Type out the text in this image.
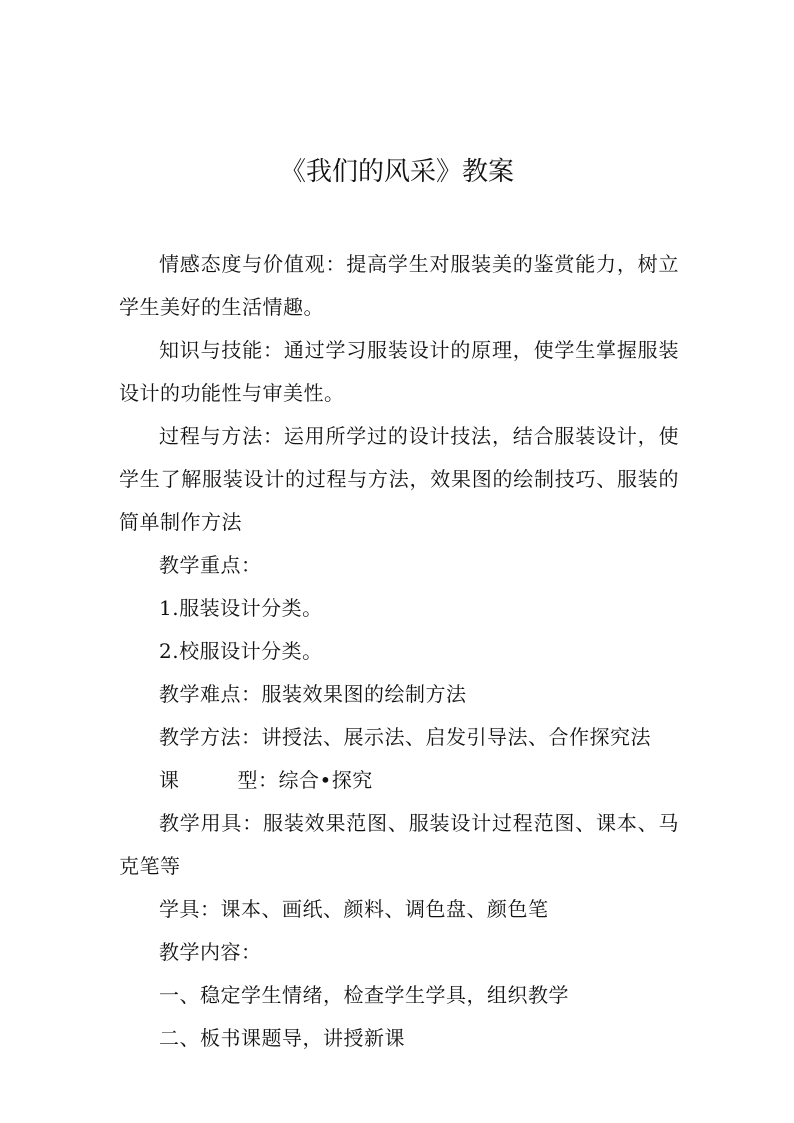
《我们的风采》教案

情感态度与价值观：提高学生对服装美的鉴赏能力，树立学生美好的生活情趣。

知识与技能：通过学习服装设计的原理，使学生掌握服装设计的功能性与审美性。

过程与方法：运用所学过的设计技法，结合服装设计，使学生了解服装设计的过程与方法，效果图的绘制技巧、服装的简单制作方法

教学重点：

1.服装设计分类。

2.校服设计分类。

教学难点：服装效果图的绘制方法

教学方法：讲授法、展示法、启发引导法、合作探究法

课	型：综合•探究

教学用具：服装效果范图、服装设计过程范图、课本、马克笔等

学具：课本、画纸、颜料、调色盘、颜色笔

教学内容：

一、稳定学生情绪，检查学生学具，组织教学

二、板书课题导，讲授新课
